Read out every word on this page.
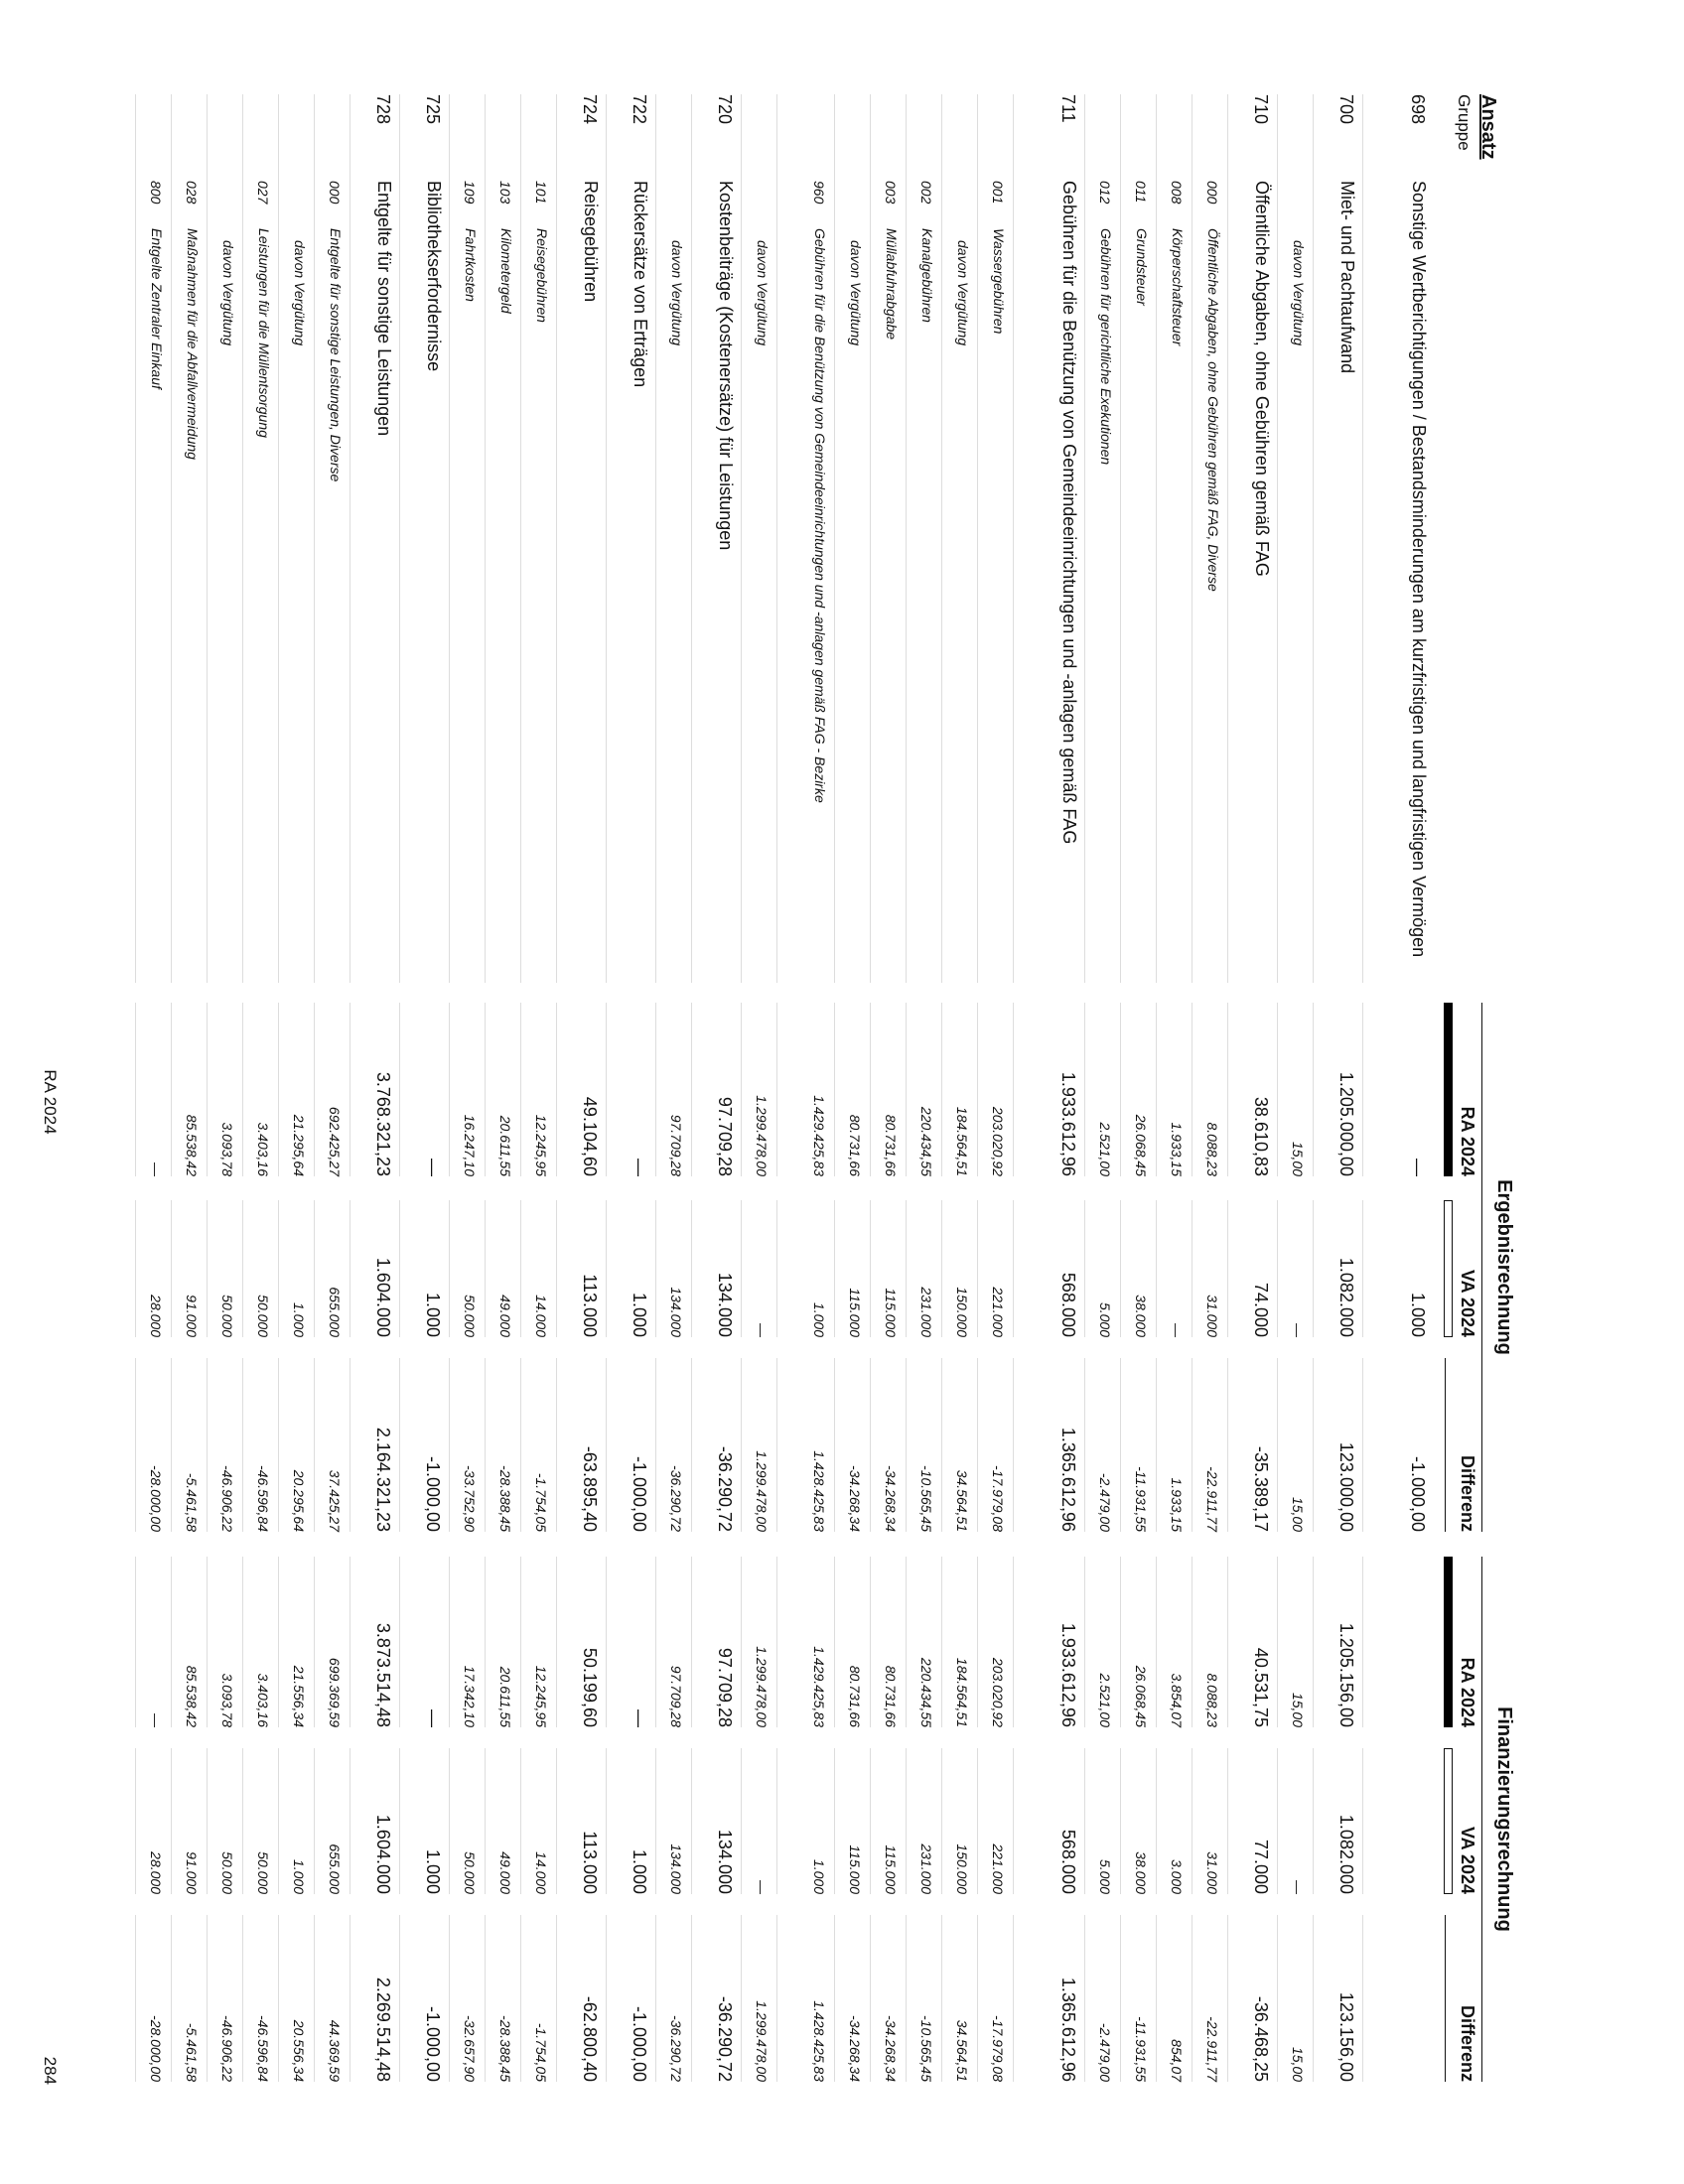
Ansatz
Gruppe
Ergebnisrechnung
Finanzierungsrechnung
RA 2024
VA 2024
Differenz
RA 2024
VA 2024
Differenz
698
Sonstige Wertberichtigungen / Bestandsminderungen am kurzfristigen und langfristigen Vermögen
—
1.000
-1.000,00
700
Miet- und Pachtaufwand
1.205.000,00
1.082.000
123.000,00
1.205.156,00
1.082.000
123.156,00
davon Vergütung
15,00
—
15,00
15,00
—
15,00
710
Öffentliche Abgaben, ohne Gebühren gemäß FAG
38.610,83
74.000
-35.389,17
40.531,75
77.000
-36.468,25
000
Öffentliche Abgaben, ohne Gebühren gemäß FAG, Diverse
8.088,23
31.000
-22.911,77
8.088,23
31.000
-22.911,77
008
Körperschaftsteuer
1.933,15
—
1.933,15
3.854,07
3.000
854,07
011
Grundsteuer
26.068,45
38.000
-11.931,55
26.068,45
38.000
-11.931,55
012
Gebühren für gerichtliche Exekutionen
2.521,00
5.000
-2.479,00
2.521,00
5.000
-2.479,00
711
Gebühren für die Benützung von Gemeindeeinrichtungen und -anlagen gemäß FAG
1.933.612,96
568.000
1.365.612,96
1.933.612,96
568.000
1.365.612,96
001
Wassergebühren
203.020,92
221.000
-17.979,08
203.020,92
221.000
-17.979,08
davon Vergütung
184.564,51
150.000
34.564,51
184.564,51
150.000
34.564,51
002
Kanalgebühren
220.434,55
231.000
-10.565,45
220.434,55
231.000
-10.565,45
003
Müllabfuhrabgabe
80.731,66
115.000
-34.268,34
80.731,66
115.000
-34.268,34
davon Vergütung
80.731,66
115.000
-34.268,34
80.731,66
115.000
-34.268,34
960
Gebühren für die Benützung von Gemeindeeinrichtungen und -anlagen gemäß FAG - Bezirke
1.429.425,83
1.000
1.428.425,83
1.429.425,83
1.000
1.428.425,83
davon Vergütung
1.299.478,00
—
1.299.478,00
1.299.478,00
—
1.299.478,00
720
Kostenbeiträge (Kostenersätze) für Leistungen
97.709,28
134.000
-36.290,72
97.709,28
134.000
-36.290,72
davon Vergütung
97.709,28
134.000
-36.290,72
97.709,28
134.000
-36.290,72
722
Rückersätze von Erträgen
—
1.000
-1.000,00
—
1.000
-1.000,00
724
Reisegebühren
49.104,60
113.000
-63.895,40
50.199,60
113.000
-62.800,40
101
Reisegebühren
12.245,95
14.000
-1.754,05
12.245,95
14.000
-1.754,05
103
Kilometergeld
20.611,55
49.000
-28.388,45
20.611,55
49.000
-28.388,45
109
Fahrtkosten
16.247,10
50.000
-33.752,90
17.342,10
50.000
-32.657,90
725
Bibliothekserfordernisse
—
1.000
-1.000,00
—
1.000
-1.000,00
728
Entgelte für sonstige Leistungen
3.768.321,23
1.604.000
2.164.321,23
3.873.514,48
1.604.000
2.269.514,48
000
Entgelte für sonstige Leistungen, Diverse
692.425,27
655.000
37.425,27
699.369,59
655.000
44.369,59
davon Vergütung
21.295,64
1.000
20.295,64
21.556,34
1.000
20.556,34
027
Leistungen für die Müllentsorgung
3.403,16
50.000
-46.596,84
3.403,16
50.000
-46.596,84
davon Vergütung
3.093,78
50.000
-46.906,22
3.093,78
50.000
-46.906,22
028
Maßnahmen für die Abfallvermeidung
85.538,42
91.000
-5.461,58
85.538,42
91.000
-5.461,58
800
Entgelte Zentraler Einkauf
—
28.000
-28.000,00
—
28.000
-28.000,00
RA 2024
284
